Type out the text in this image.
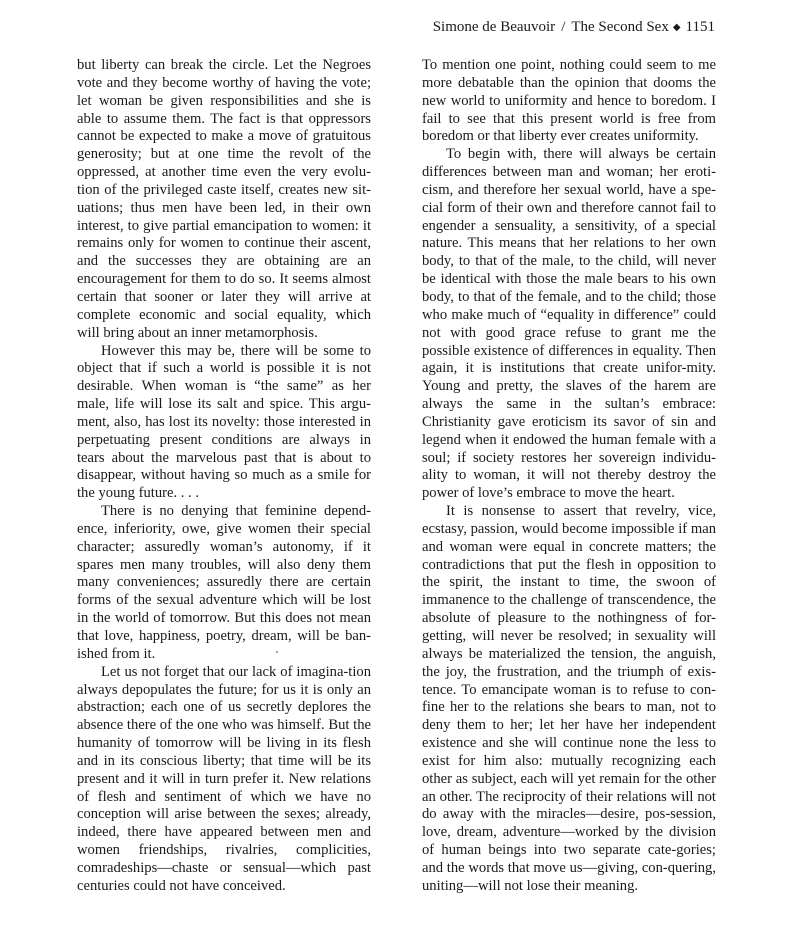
Simone de Beauvoir / The Second Sex ◆ 1151

but liberty can break the circle. Let the Negroes vote and they become worthy of having the vote; let woman be given responsibilities and she is able to assume them. The fact is that oppressors cannot be expected to make a move of gratuitous generosity; but at one time the revolt of the oppressed, at another time even the very evolu-tion of the privileged caste itself, creates new sit-uations; thus men have been led, in their own interest, to give partial emancipation to women: it remains only for women to continue their ascent, and the successes they are obtaining are an encouragement for them to do so. It seems almost certain that sooner or later they will arrive at complete economic and social equality, which will bring about an inner metamorphosis.

However this may be, there will be some to object that if such a world is possible it is not desirable. When woman is “the same” as her male, life will lose its salt and spice. This argu-ment, also, has lost its novelty: those interested in perpetuating present conditions are always in tears about the marvelous past that is about to disappear, without having so much as a smile for the young future. . . .

There is no denying that feminine depend-ence, inferiority, owe, give women their special character; assuredly woman’s autonomy, if it spares men many troubles, will also deny them many conveniences; assuredly there are certain forms of the sexual adventure which will be lost in the world of tomorrow. But this does not mean that love, happiness, poetry, dream, will be ban-ished from it.

Let us not forget that our lack of imagina-tion always depopulates the future; for us it is only an abstraction; each one of us secretly deplores the absence there of the one who was himself. But the humanity of tomorrow will be living in its flesh and in its conscious liberty; that time will be its present and it will in turn prefer it. New relations of flesh and sentiment of which we have no conception will arise between the sexes; already, indeed, there have appeared between men and women friendships, rivalries, complicities, comradeships—chaste or sensual—which past centuries could not have conceived.

To mention one point, nothing could seem to me more debatable than the opinion that dooms the new world to uniformity and hence to boredom. I fail to see that this present world is free from boredom or that liberty ever creates uniformity.

To begin with, there will always be certain differences between man and woman; her eroti-cism, and therefore her sexual world, have a spe-cial form of their own and therefore cannot fail to engender a sensuality, a sensitivity, of a special nature. This means that her relations to her own body, to that of the male, to the child, will never be identical with those the male bears to his own body, to that of the female, and to the child; those who make much of “equality in difference” could not with good grace refuse to grant me the possible existence of differences in equality. Then again, it is institutions that create unifor-mity. Young and pretty, the slaves of the harem are always the same in the sultan’s embrace: Christianity gave eroticism its savor of sin and legend when it endowed the human female with a soul; if society restores her sovereign individu-ality to woman, it will not thereby destroy the power of love’s embrace to move the heart.

It is nonsense to assert that revelry, vice, ecstasy, passion, would become impossible if man and woman were equal in concrete matters; the contradictions that put the flesh in opposition to the spirit, the instant to time, the swoon of immanence to the challenge of transcendence, the absolute of pleasure to the nothingness of for-getting, will never be resolved; in sexuality will always be materialized the tension, the anguish, the joy, the frustration, and the triumph of exis-tence. To emancipate woman is to refuse to con-fine her to the relations she bears to man, not to deny them to her; let her have her independent existence and she will continue none the less to exist for him also: mutually recognizing each other as subject, each will yet remain for the other an other. The reciprocity of their relations will not do away with the miracles—desire, pos-session, love, dream, adventure—worked by the division of human beings into two separate cate-gories; and the words that move us—giving, con-quering, uniting—will not lose their meaning.
